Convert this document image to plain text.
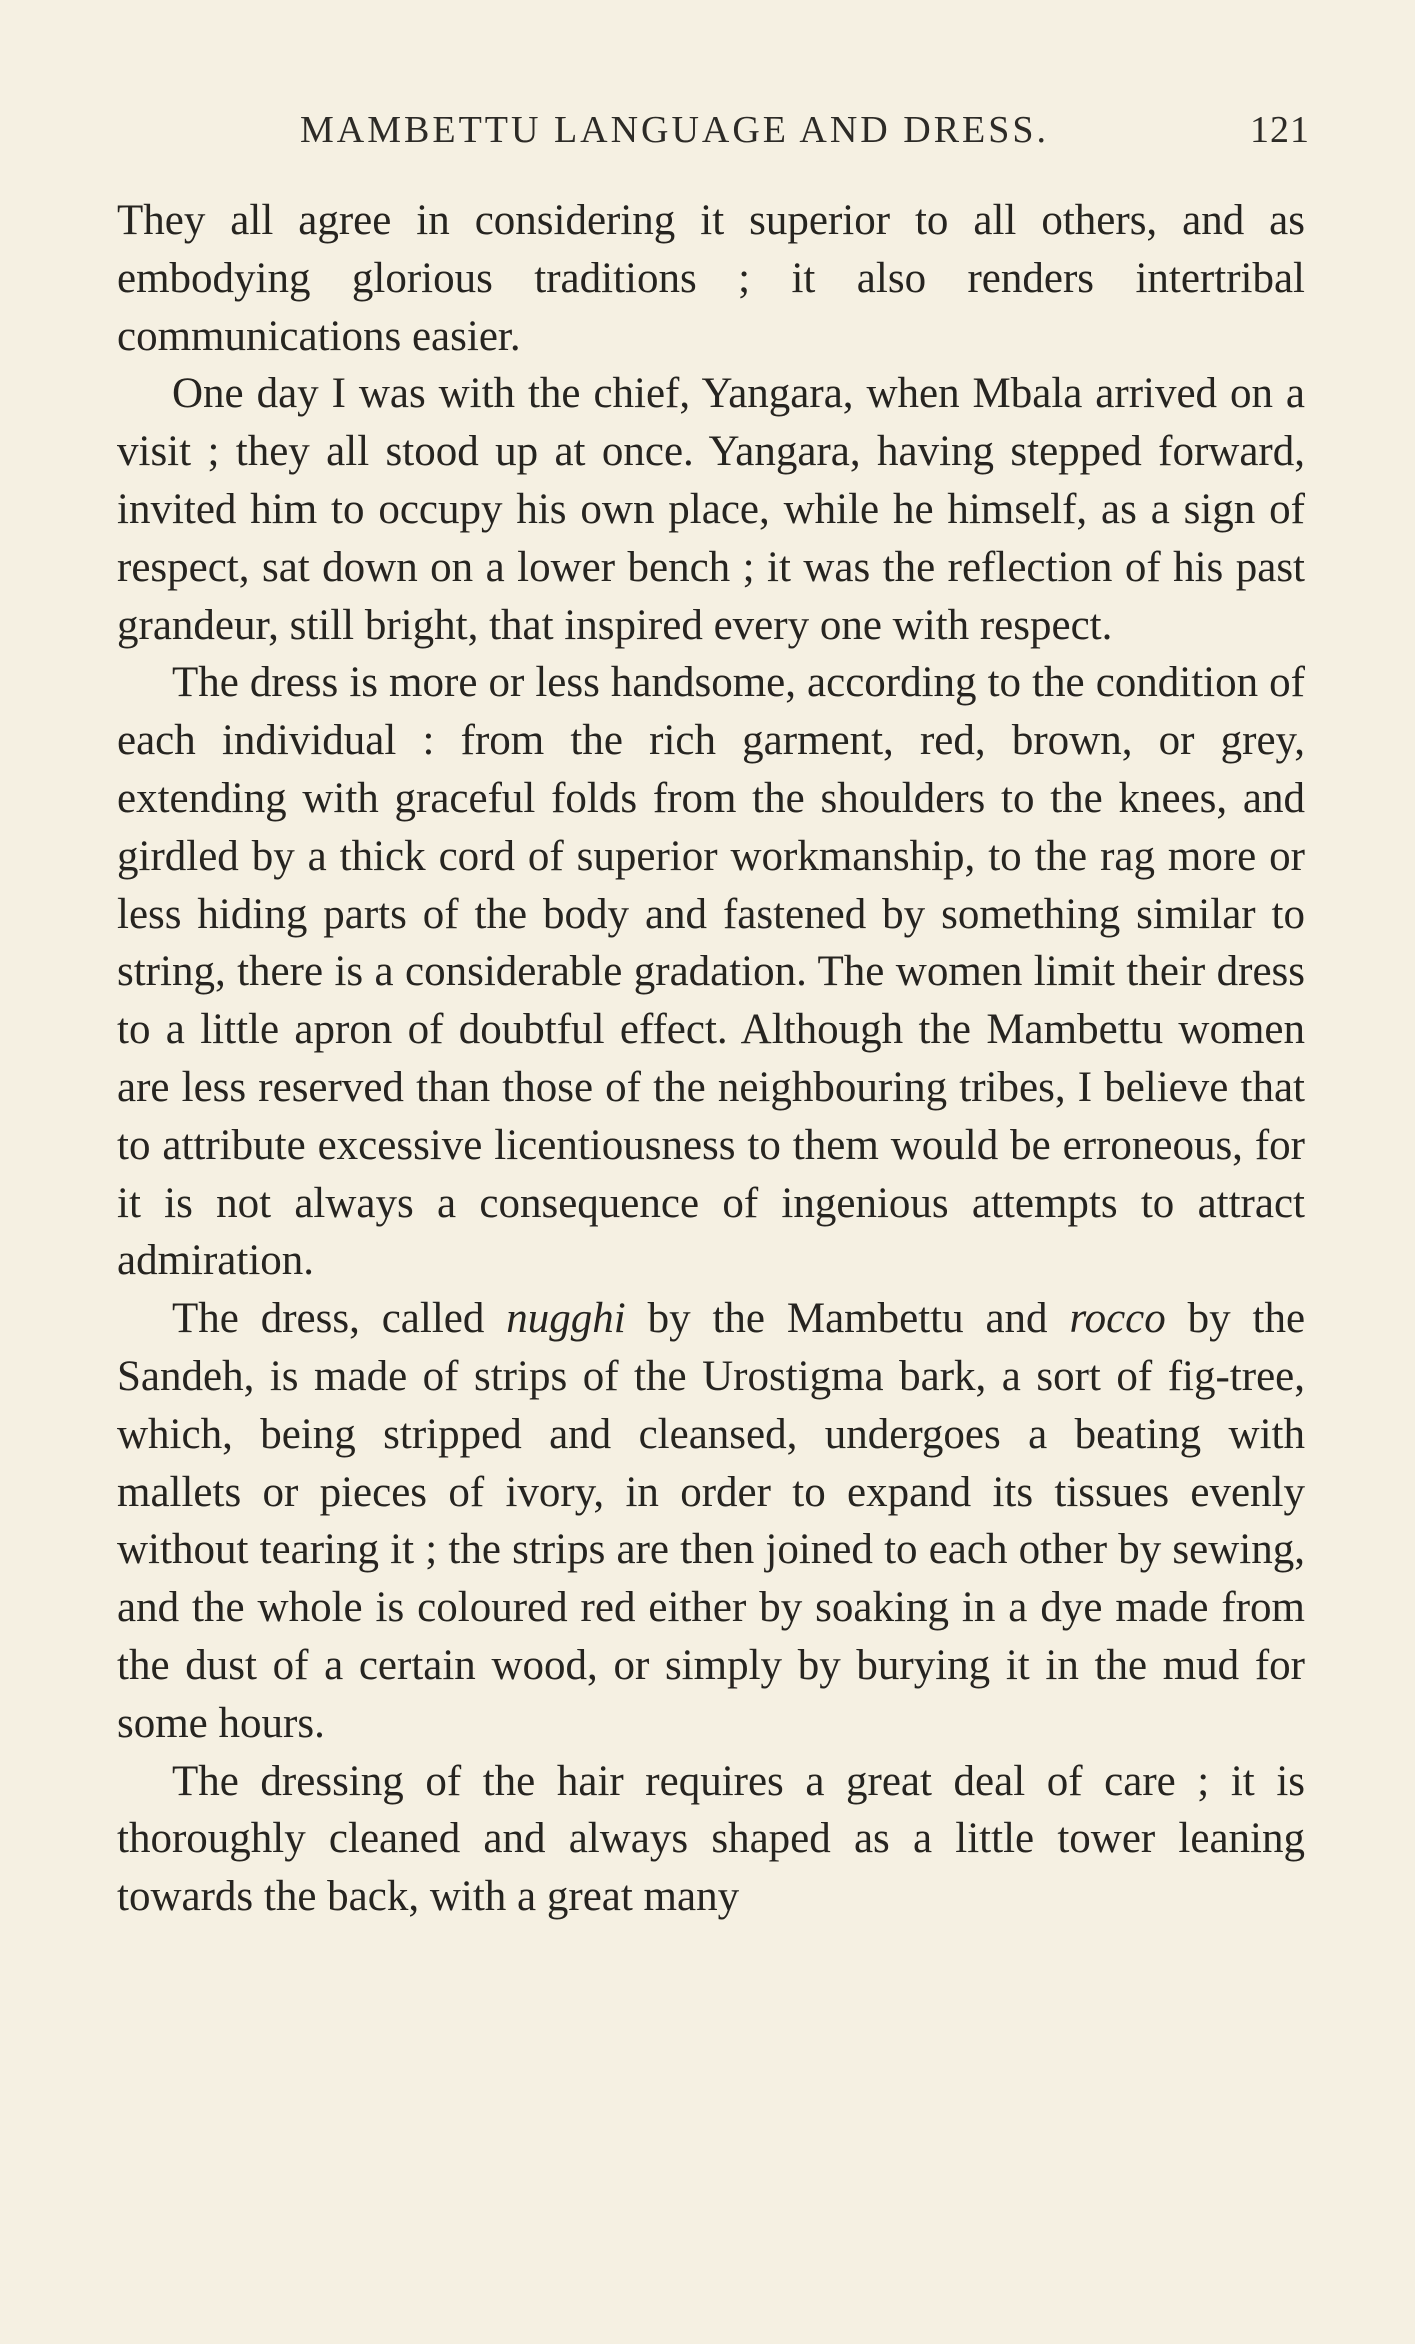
MAMBETTU LANGUAGE AND DRESS.	121

They all agree in considering it superior to all others, and as embodying glorious traditions ; it also renders intertribal communications easier.

One day I was with the chief, Yangara, when Mbala arrived on a visit ; they all stood up at once. Yangara, having stepped forward, invited him to occupy his own place, while he himself, as a sign of respect, sat down on a lower bench ; it was the reflection of his past grandeur, still bright, that inspired every one with respect.

The dress is more or less handsome, according to the condition of each individual : from the rich garment, red, brown, or grey, extending with graceful folds from the shoulders to the knees, and girdled by a thick cord of superior workmanship, to the rag more or less hiding parts of the body and fastened by something similar to string, there is a considerable gradation. The women limit their dress to a little apron of doubtful effect. Although the Mambettu women are less reserved than those of the neighbouring tribes, I believe that to attribute excessive licentiousness to them would be erroneous, for it is not always a consequence of ingenious attempts to attract admiration.

The dress, called nugghi by the Mambettu and rocco by the Sandeh, is made of strips of the Urostigma bark, a sort of fig-tree, which, being stripped and cleansed, undergoes a beating with mallets or pieces of ivory, in order to expand its tissues evenly without tearing it ; the strips are then joined to each other by sewing, and the whole is coloured red either by soaking in a dye made from the dust of a certain wood, or simply by burying it in the mud for some hours.

The dressing of the hair requires a great deal of care ; it is thoroughly cleaned and always shaped as a little tower leaning towards the back, with a great many
